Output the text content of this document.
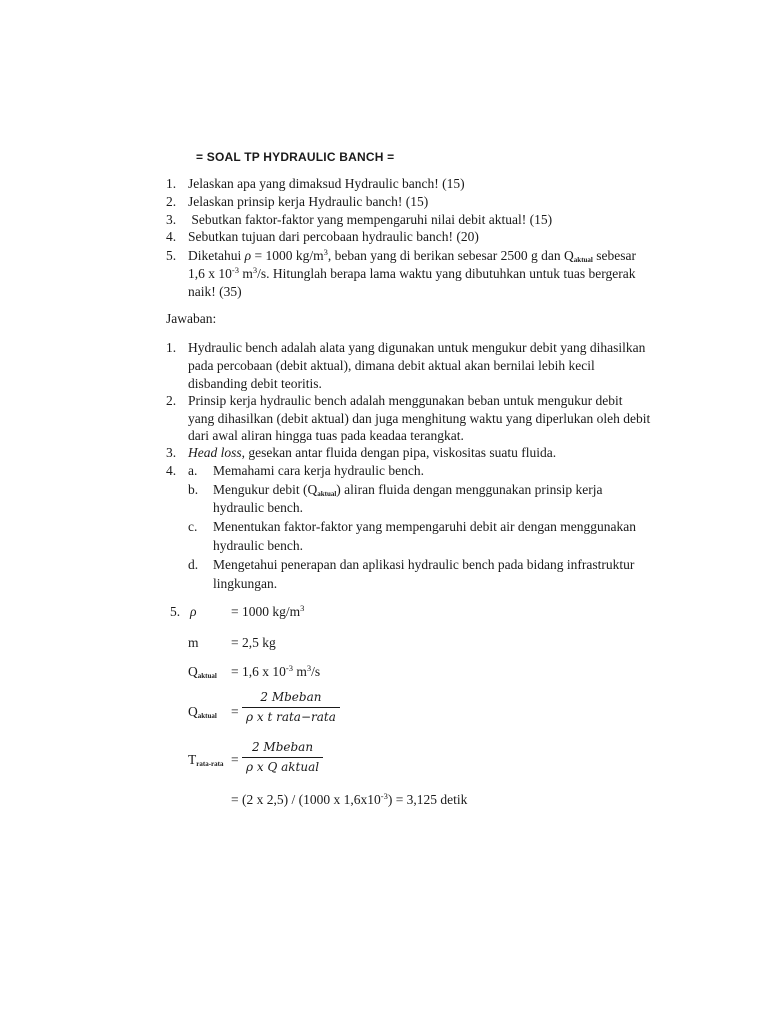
= SOAL TP HYDRAULIC BANCH =
1. Jelaskan apa yang dimaksud Hydraulic banch! (15)
2. Jelaskan prinsip kerja Hydraulic banch! (15)
3. Sebutkan faktor-faktor yang mempengaruhi nilai debit aktual! (15)
4. Sebutkan tujuan dari percobaan hydraulic banch! (20)
5. Diketahui ρ = 1000 $kg/m^3$, beban yang di berikan sebesar 2500 g dan $Q_{aktual}$ sebesar
1,6 x $10^{-3}$ $m^3/s$. Hitunglah berapa lama waktu yang dibutuhkan untuk tuas bergerak
naik! (35)
Jawaban:
1. Hydraulic bench adalah alata yang digunakan untuk mengukur debit yang dihasilkan
pada percobaan (debit aktual), dimana debit aktual akan bernilai lebih kecil
disbanding debit teoritis.
2. Prinsip kerja hydraulic bench adalah menggunakan beban untuk mengukur debit
yang dihasilkan (debit aktual) dan juga menghitung waktu yang diperlukan oleh debit
dari awal aliran hingga tuas pada keadaa terangkat.
3. Head loss, gesekan antar fluida dengan pipa, viskositas suatu fluida.
4. a. Memahami cara kerja hydraulic bench.
b. Mengukur debit $(Q_{aktual})$ aliran fluida dengan menggunakan prinsip kerja
hydraulic bench.
c. Menentukan faktor-faktor yang mempengaruhi debit air dengan menggunakan
hydraulic bench.
d. Mengetahui penerapan dan aplikasi hydraulic bench pada bidang infrastruktur
lingkungan.
5. ρ	= 1000 $kg/m^3$
m = 2,5 kg
$Q_{aktual} = 1,6$ x $10^{-3}$ $m^3/s$
$Q_{aktual} = \frac{\text{2 Mbeban}}{\text{ρ x t rata−rata}}$
$T_{rata-rata} = \frac{\text{2 Mbeban}}{\text{ρ x Q aktual}}$
= (2 x 2,5) / (1000 x $1,6x10^{-3}) = 3,125$ detik
